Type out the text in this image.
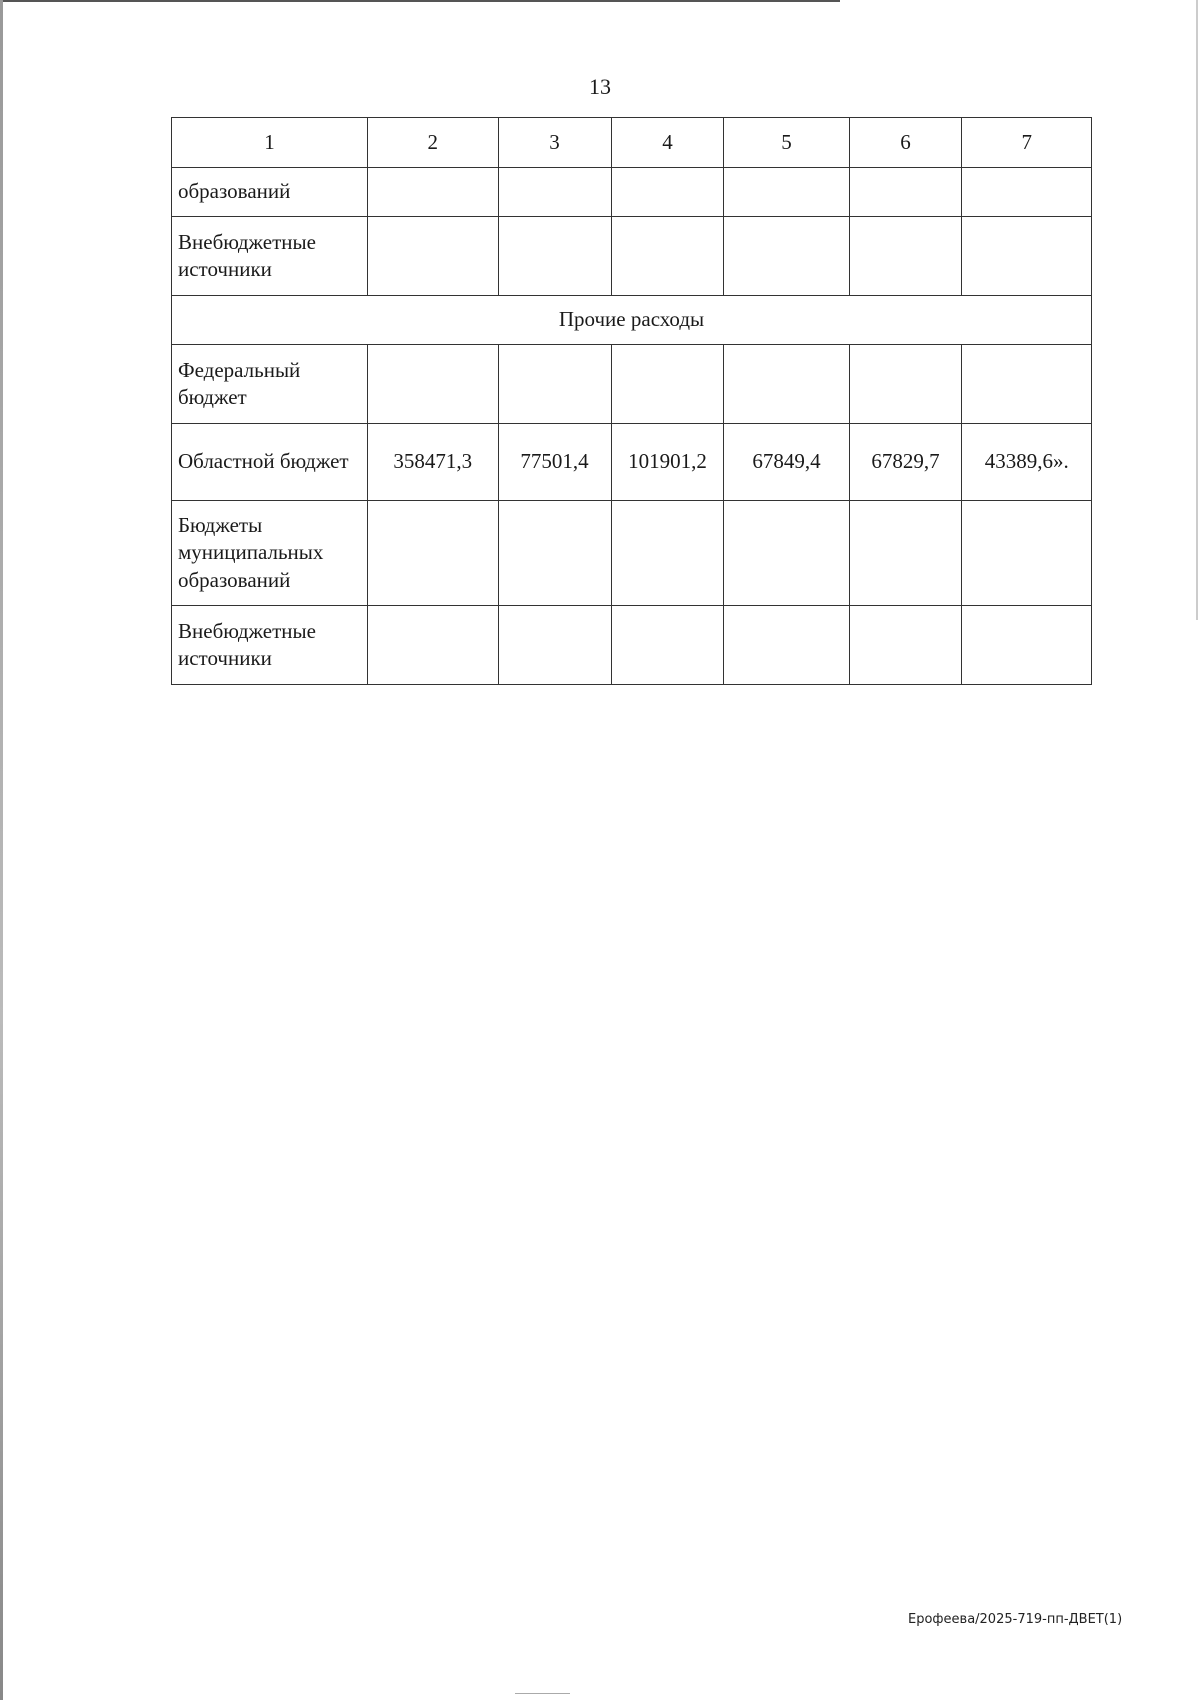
13
1	2	3	4	5	6	7
образований						
Внебюджетные источники						
Прочие расходы						
Федеральный бюджет						
Областной бюджет	358471,3	77501,4	101901,2	67849,4	67829,7	43389,6».
Бюджеты муниципальных образований						
Внебюджетные источники						
Ерофеева/2025-719-пп-ДВЕТ(1)
